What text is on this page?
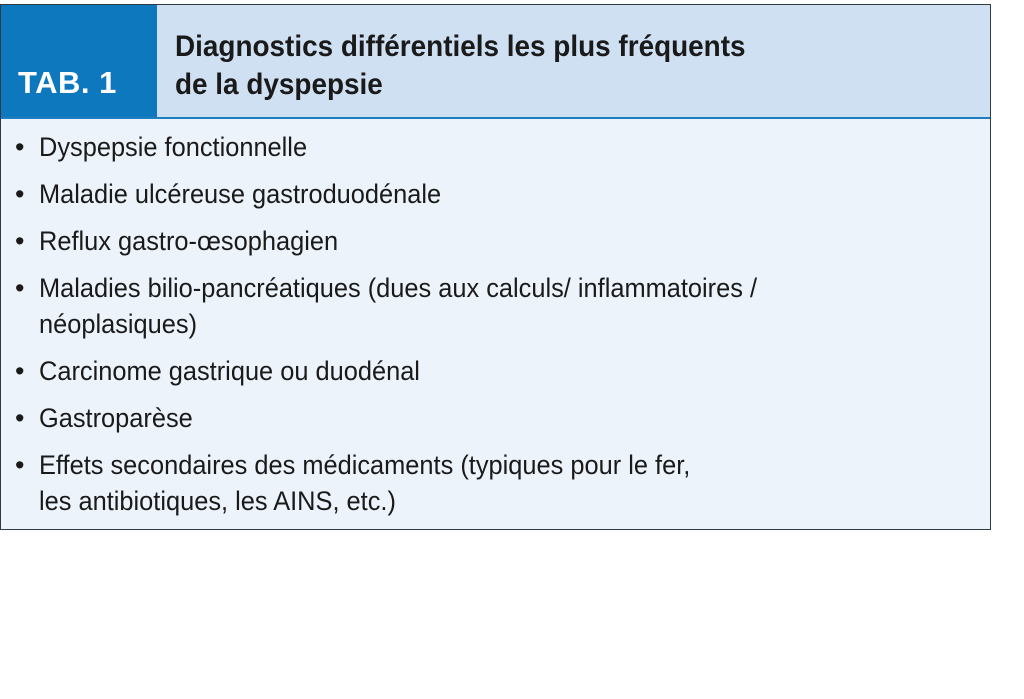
TAB. 1
Diagnostics différentiels les plus fréquents
de la dyspepsie
• Dyspepsie fonctionnelle
• Maladie ulcéreuse gastroduodénale
• Reflux gastro-œsophagien
• Maladies bilio-pancréatiques (dues aux calculs/ inflammatoires /
néoplasiques)
• Carcinome gastrique ou duodénal
• Gastroparèse
• Effets secondaires des médicaments (typiques pour le fer,
les antibiotiques, les AINS, etc.)
